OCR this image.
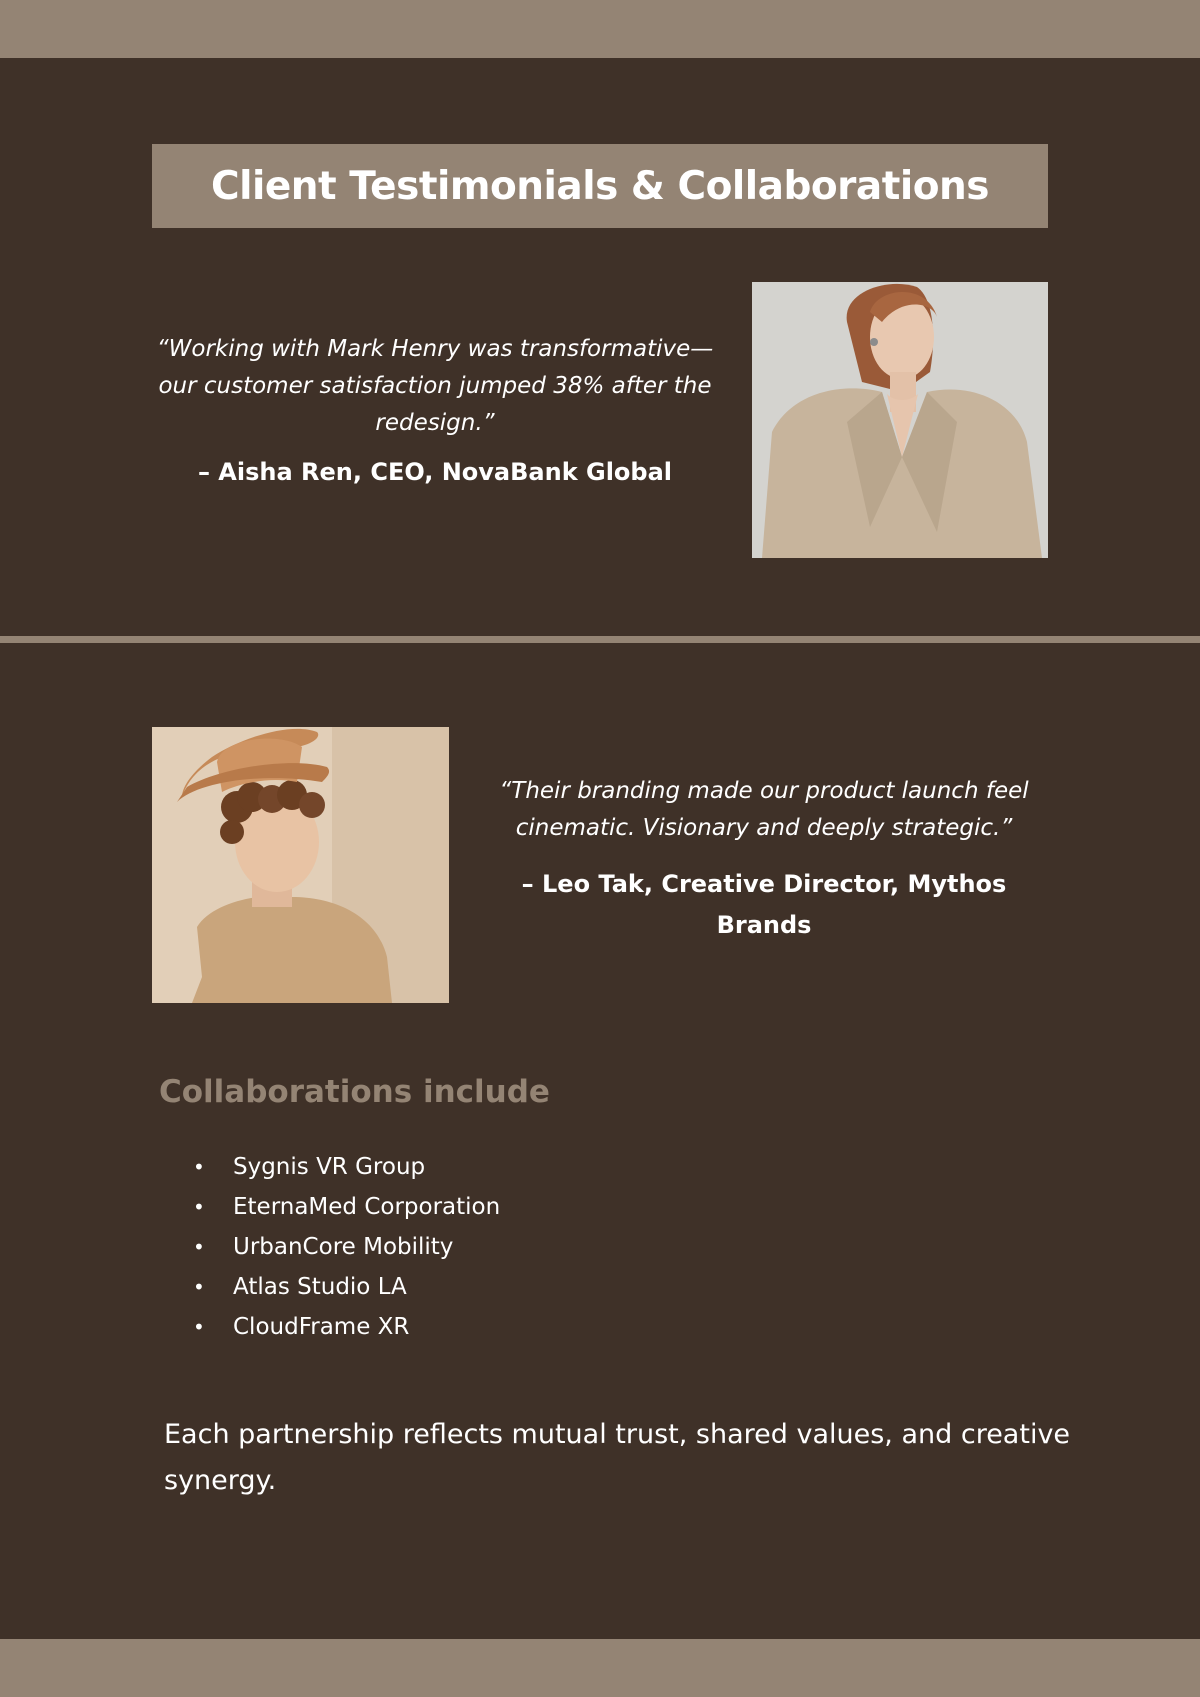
Client Testimonials & Collaborations

“Working with Mark Henry was transformative—our customer satisfaction jumped 38% after the redesign.”

– Aisha Ren, CEO, NovaBank Global

“Their branding made our product launch feel cinematic. Visionary and deeply strategic.”

– Leo Tak, Creative Director, Mythos Brands

Collaborations include
• Sygnis VR Group
• EternaMed Corporation
• UrbanCore Mobility
• Atlas Studio LA
• CloudFrame XR

Each partnership reflects mutual trust, shared values, and creative synergy.
